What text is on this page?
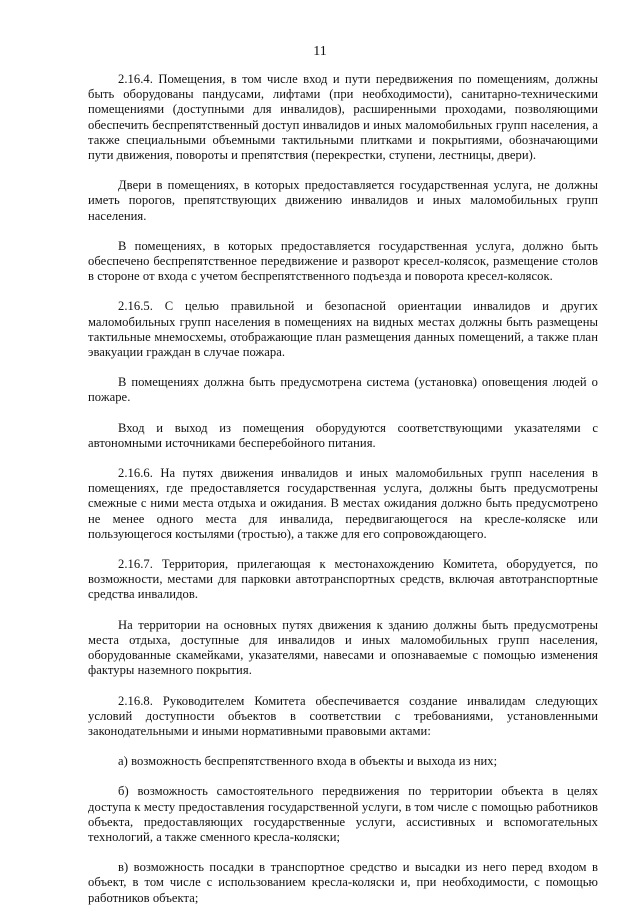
11

2.16.4. Помещения, в том числе вход и пути передвижения по помещениям, должны быть оборудованы пандусами, лифтами (при необходимости), санитарно-техническими помещениями (доступными для инвалидов), расширенными проходами, позволяющими обеспечить беспрепятственный доступ инвалидов и иных маломобильных групп населения, а также специальными объемными тактильными плитками и покрытиями, обозначающими пути движения, повороты и препятствия (перекрестки, ступени, лестницы, двери).

Двери в помещениях, в которых предоставляется государственная услуга, не должны иметь порогов, препятствующих движению инвалидов и иных маломобильных групп населения.

В помещениях, в которых предоставляется государственная услуга, должно быть обеспечено беспрепятственное передвижение и разворот кресел-колясок, размещение столов в стороне от входа с учетом беспрепятственного подъезда и поворота кресел-колясок.

2.16.5. С целью правильной и безопасной ориентации инвалидов и других маломобильных групп населения в помещениях на видных местах должны быть размещены тактильные мнемосхемы, отображающие план размещения данных помещений, а также план эвакуации граждан в случае пожара.

В помещениях должна быть предусмотрена система (установка) оповещения людей о пожаре.

Вход и выход из помещения оборудуются соответствующими указателями с автономными источниками бесперебойного питания.

2.16.6. На путях движения инвалидов и иных маломобильных групп населения в помещениях, где предоставляется государственная услуга, должны быть предусмотрены смежные с ними места отдыха и ожидания. В местах ожидания должно быть предусмотрено не менее одного места для инвалида, передвигающегося на кресле-коляске или пользующегося костылями (тростью), а также для его сопровождающего.

2.16.7. Территория, прилегающая к местонахождению Комитета, оборудуется, по возможности, местами для парковки автотранспортных средств, включая автотранспортные средства инвалидов.

На территории на основных путях движения к зданию должны быть предусмотрены места отдыха, доступные для инвалидов и иных маломобильных групп населения, оборудованные скамейками, указателями, навесами и опознаваемые с помощью изменения фактуры наземного покрытия.

2.16.8. Руководителем Комитета обеспечивается создание инвалидам следующих условий доступности объектов в соответствии с требованиями, установленными законодательными и иными нормативными правовыми актами:

а) возможность беспрепятственного входа в объекты и выхода из них;

б) возможность самостоятельного передвижения по территории объекта в целях доступа к месту предоставления государственной услуги, в том числе с помощью работников объекта, предоставляющих государственные услуги, ассистивных и вспомогательных технологий, а также сменного кресла-коляски;

в) возможность посадки в транспортное средство и высадки из него перед входом в объект, в том числе с использованием кресла-коляски и, при необходимости, с помощью работников объекта;
